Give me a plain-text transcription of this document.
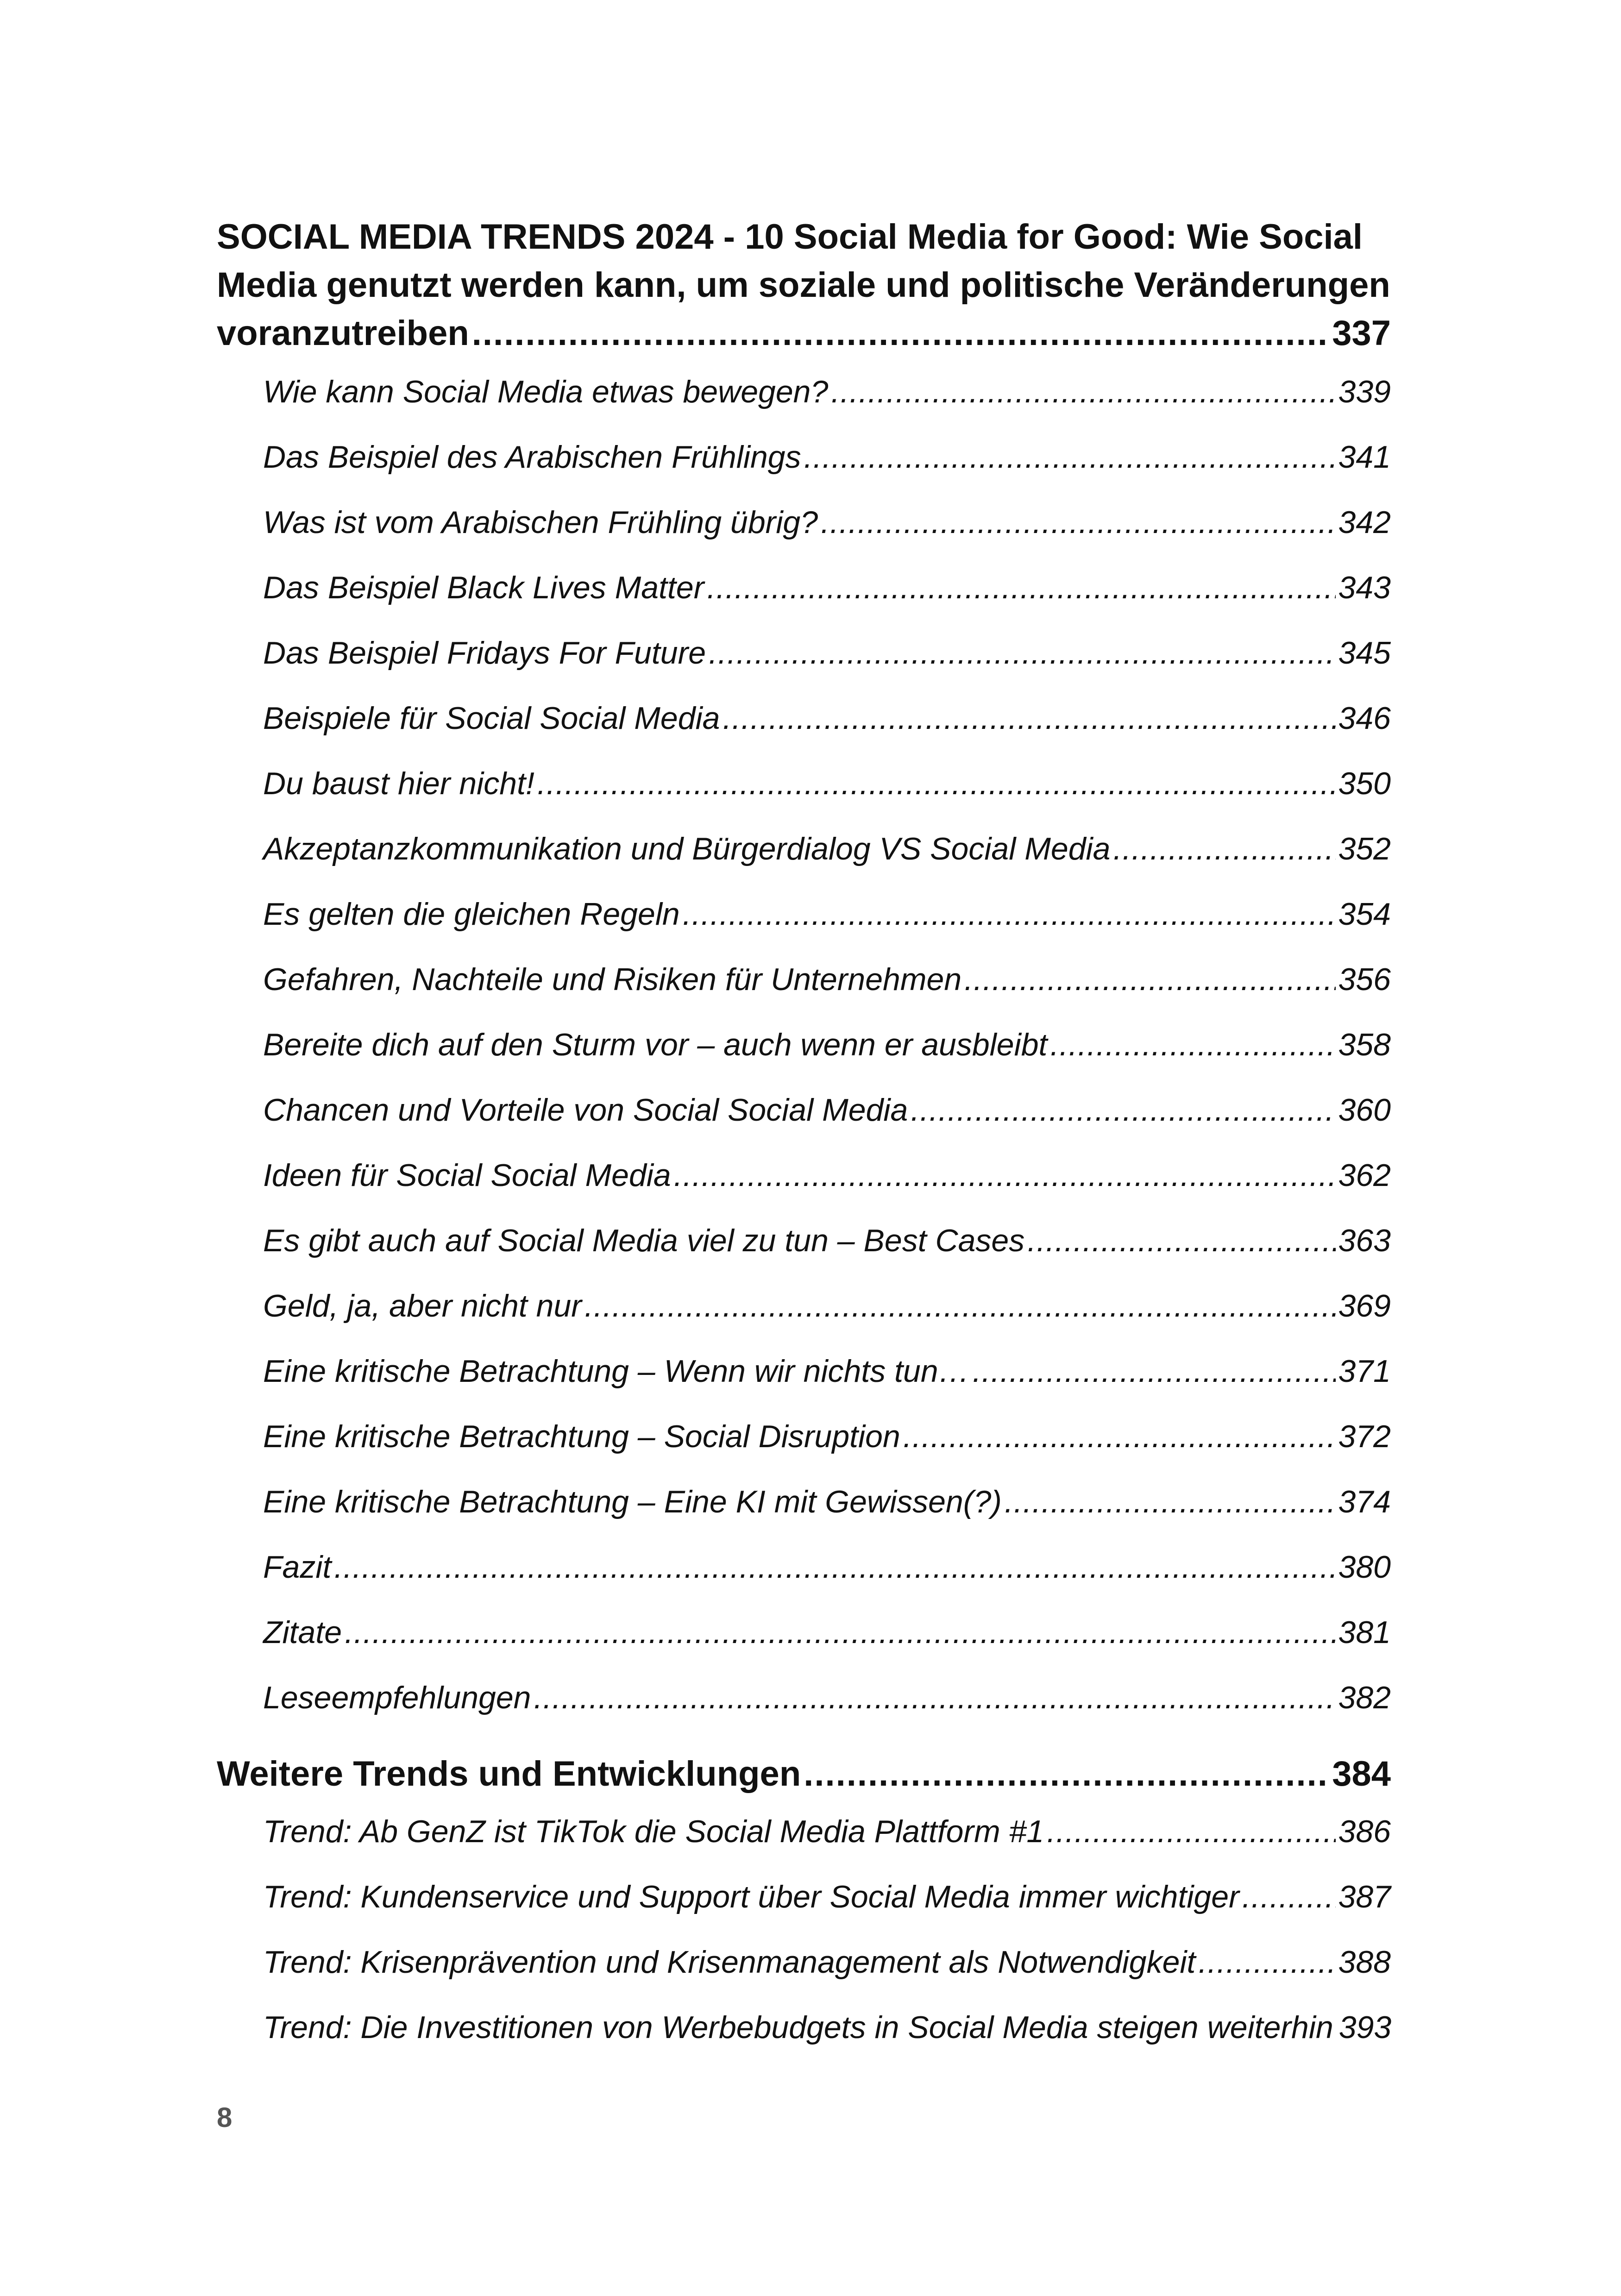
SOCIAL MEDIA TRENDS 2024 - 10 Social Media for Good: Wie Social
Media genutzt werden kann, um soziale und politische Veränderungen
voranzutreiben .....	337
Wie kann Social Media etwas bewegen? .....	339
Das Beispiel des Arabischen Frühlings .....	341
Was ist vom Arabischen Frühling übrig? .....	342
Das Beispiel Black Lives Matter .....	343
Das Beispiel Fridays For Future .....	345
Beispiele für Social Social Media .....	346
Du baust hier nicht! .....	350
Akzeptanzkommunikation und Bürgerdialog VS Social Media .....	352
Es gelten die gleichen Regeln .....	354
Gefahren, Nachteile und Risiken für Unternehmen .....	356
Bereite dich auf den Sturm vor – auch wenn er ausbleibt .....	358
Chancen und Vorteile von Social Social Media .....	360
Ideen für Social Social Media .....	362
Es gibt auch auf Social Media viel zu tun – Best Cases .....	363
Geld, ja, aber nicht nur .....	369
Eine kritische Betrachtung – Wenn wir nichts tun… .....	371
Eine kritische Betrachtung – Social Disruption .....	372
Eine kritische Betrachtung – Eine KI mit Gewissen(?) .....	374
Fazit .....	380
Zitate .....	381
Leseempfehlungen .....	382
Weitere Trends und Entwicklungen .....	384
Trend: Ab GenZ ist TikTok die Social Media Plattform #1 .....	386
Trend: Kundenservice und Support über Social Media immer wichtiger .....	387
Trend: Krisenprävention und Krisenmanagement als Notwendigkeit .....	388
Trend: Die Investitionen von Werbebudgets in Social Media steigen weiterhin 393
8
